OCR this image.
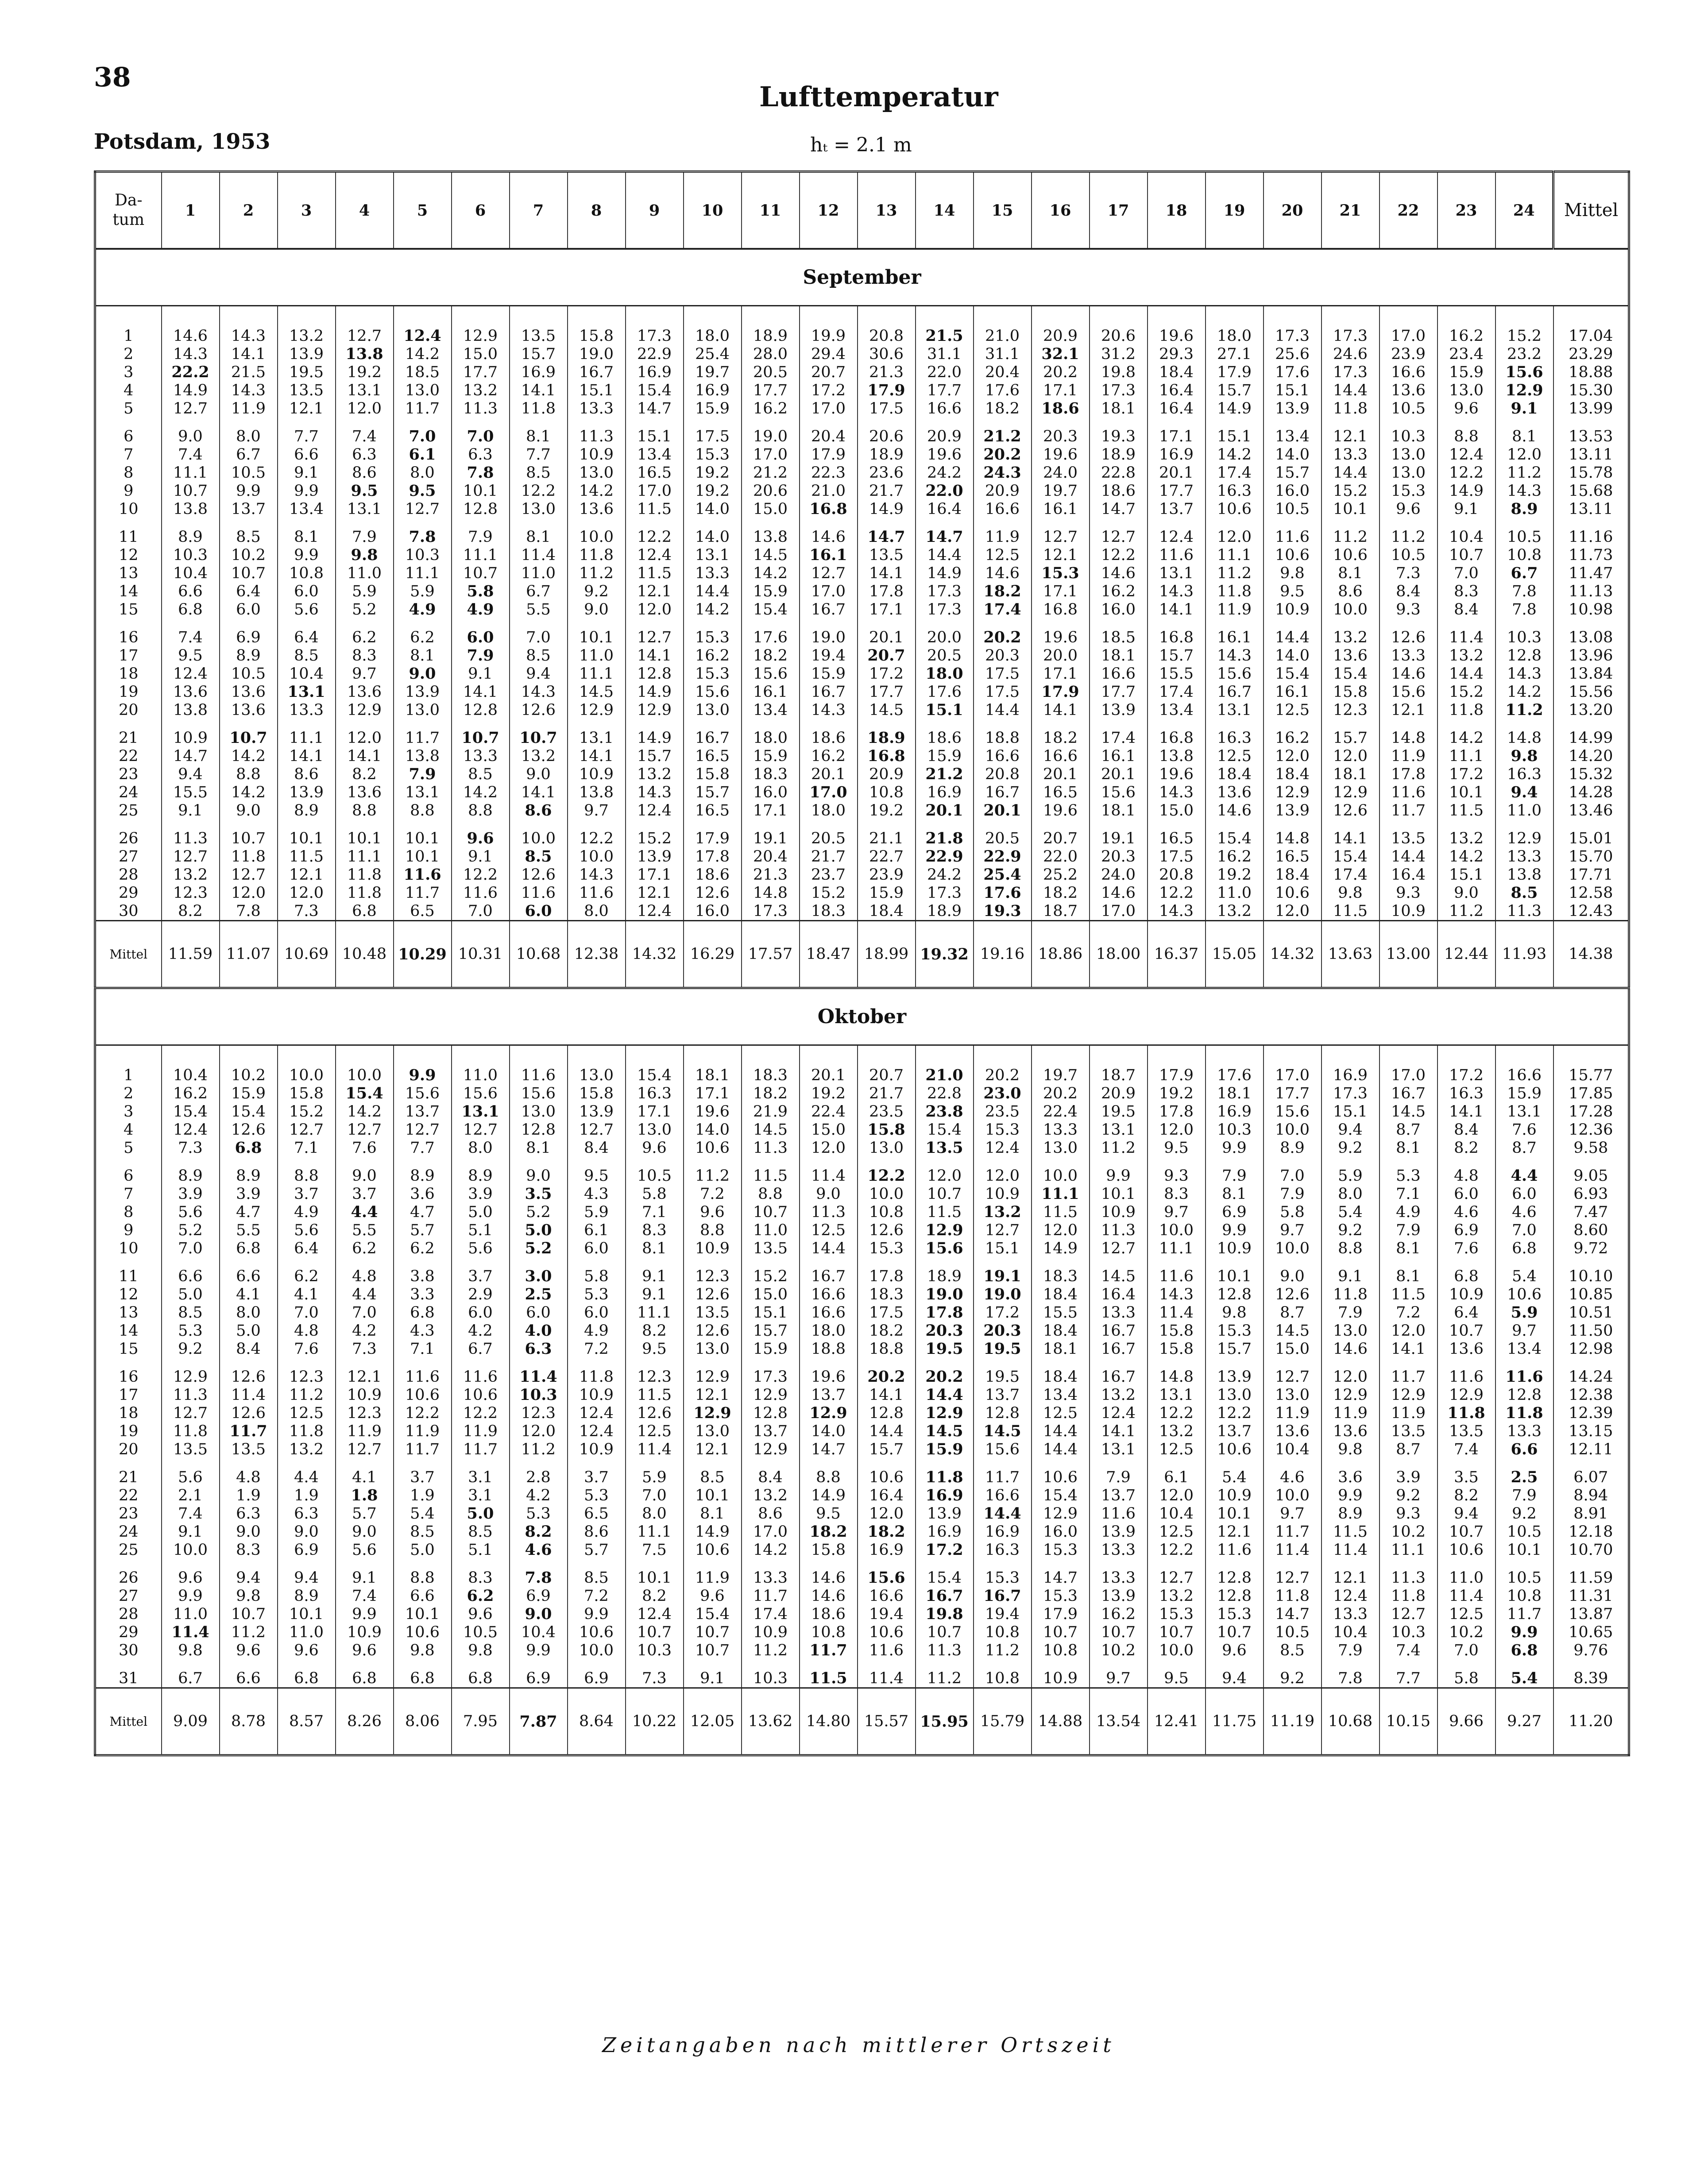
38
Lufttemperatur
Potsdam, 1953	hₜ = 2.1 m
Da-
tum	1	2	3	4	5	6	7	8	9	10	11	12	13	14	15	16	17	18	19	20	21	22	23	24	Mittel
September																									

1	14.6	14.3	13.2	12.7	12.4	12.9	13.5	15.8	17.3	18.0	18.9	19.9	20.8	21.5	21.0	20.9	20.6	19.6	18.0	17.3	17.3	17.0	16.2	15.2	17.04
2	14.3	14.1	13.9	13.8	14.2	15.0	15.7	19.0	22.9	25.4	28.0	29.4	30.6	31.1	31.1	32.1	31.2	29.3	27.1	25.6	24.6	23.9	23.4	23.2	23.29
3	22.2	21.5	19.5	19.2	18.5	17.7	16.9	16.7	16.9	19.7	20.5	20.7	21.3	22.0	20.4	20.2	19.8	18.4	17.9	17.6	17.3	16.6	15.9	15.6	18.88
4	14.9	14.3	13.5	13.1	13.0	13.2	14.1	15.1	15.4	16.9	17.7	17.2	17.9	17.7	17.6	17.1	17.3	16.4	15.7	15.1	14.4	13.6	13.0	12.9	15.30
5	12.7	11.9	12.1	12.0	11.7	11.3	11.8	13.3	14.7	15.9	16.2	17.0	17.5	16.6	18.2	18.6	18.1	16.4	14.9	13.9	11.8	10.5	9.6	9.1	13.99

6	9.0	8.0	7.7	7.4	7.0	7.0	8.1	11.3	15.1	17.5	19.0	20.4	20.6	20.9	21.2	20.3	19.3	17.1	15.1	13.4	12.1	10.3	8.8	8.1	13.53
7	7.4	6.7	6.6	6.3	6.1	6.3	7.7	10.9	13.4	15.3	17.0	17.9	18.9	19.6	20.2	19.6	18.9	16.9	14.2	14.0	13.3	13.0	12.4	12.0	13.11
8	11.1	10.5	9.1	8.6	8.0	7.8	8.5	13.0	16.5	19.2	21.2	22.3	23.6	24.2	24.3	24.0	22.8	20.1	17.4	15.7	14.4	13.0	12.2	11.2	15.78
9	10.7	9.9	9.9	9.5	9.5	10.1	12.2	14.2	17.0	19.2	20.6	21.0	21.7	22.0	20.9	19.7	18.6	17.7	16.3	16.0	15.2	15.3	14.9	14.3	15.68
10	13.8	13.7	13.4	13.1	12.7	12.8	13.0	13.6	11.5	14.0	15.0	16.8	14.9	16.4	16.6	16.1	14.7	13.7	10.6	10.5	10.1	9.6	9.1	8.9	13.11

11	8.9	8.5	8.1	7.9	7.8	7.9	8.1	10.0	12.2	14.0	13.8	14.6	14.7	14.7	11.9	12.7	12.7	12.4	12.0	11.6	11.2	11.2	10.4	10.5	11.16
12	10.3	10.2	9.9	9.8	10.3	11.1	11.4	11.8	12.4	13.1	14.5	16.1	13.5	14.4	12.5	12.1	12.2	11.6	11.1	10.6	10.6	10.5	10.7	10.8	11.73
13	10.4	10.7	10.8	11.0	11.1	10.7	11.0	11.2	11.5	13.3	14.2	12.7	14.1	14.9	14.6	15.3	14.6	13.1	11.2	9.8	8.1	7.3	7.0	6.7	11.47
14	6.6	6.4	6.0	5.9	5.9	5.8	6.7	9.2	12.1	14.4	15.9	17.0	17.8	17.3	18.2	17.1	16.2	14.3	11.8	9.5	8.6	8.4	8.3	7.8	11.13
15	6.8	6.0	5.6	5.2	4.9	4.9	5.5	9.0	12.0	14.2	15.4	16.7	17.1	17.3	17.4	16.8	16.0	14.1	11.9	10.9	10.0	9.3	8.4	7.8	10.98

16	7.4	6.9	6.4	6.2	6.2	6.0	7.0	10.1	12.7	15.3	17.6	19.0	20.1	20.0	20.2	19.6	18.5	16.8	16.1	14.4	13.2	12.6	11.4	10.3	13.08
17	9.5	8.9	8.5	8.3	8.1	7.9	8.5	11.0	14.1	16.2	18.2	19.4	20.7	20.5	20.3	20.0	18.1	15.7	14.3	14.0	13.6	13.3	13.2	12.8	13.96
18	12.4	10.5	10.4	9.7	9.0	9.1	9.4	11.1	12.8	15.3	15.6	15.9	17.2	18.0	17.5	17.1	16.6	15.5	15.6	15.4	15.4	14.6	14.4	14.3	13.84
19	13.6	13.6	13.1	13.6	13.9	14.1	14.3	14.5	14.9	15.6	16.1	16.7	17.7	17.6	17.5	17.9	17.7	17.4	16.7	16.1	15.8	15.6	15.2	14.2	15.56
20	13.8	13.6	13.3	12.9	13.0	12.8	12.6	12.9	12.9	13.0	13.4	14.3	14.5	15.1	14.4	14.1	13.9	13.4	13.1	12.5	12.3	12.1	11.8	11.2	13.20

21	10.9	10.7	11.1	12.0	11.7	10.7	10.7	13.1	14.9	16.7	18.0	18.6	18.9	18.6	18.8	18.2	17.4	16.8	16.3	16.2	15.7	14.8	14.2	14.8	14.99
22	14.7	14.2	14.1	14.1	13.8	13.3	13.2	14.1	15.7	16.5	15.9	16.2	16.8	15.9	16.6	16.6	16.1	13.8	12.5	12.0	12.0	11.9	11.1	9.8	14.20
23	9.4	8.8	8.6	8.2	7.9	8.5	9.0	10.9	13.2	15.8	18.3	20.1	20.9	21.2	20.8	20.1	20.1	19.6	18.4	18.4	18.1	17.8	17.2	16.3	15.32
24	15.5	14.2	13.9	13.6	13.1	14.2	14.1	13.8	14.3	15.7	16.0	17.0	10.8	16.9	16.7	16.5	15.6	14.3	13.6	12.9	12.9	11.6	10.1	9.4	14.28
25	9.1	9.0	8.9	8.8	8.8	8.8	8.6	9.7	12.4	16.5	17.1	18.0	19.2	20.1	20.1	19.6	18.1	15.0	14.6	13.9	12.6	11.7	11.5	11.0	13.46

26	11.3	10.7	10.1	10.1	10.1	9.6	10.0	12.2	15.2	17.9	19.1	20.5	21.1	21.8	20.5	20.7	19.1	16.5	15.4	14.8	14.1	13.5	13.2	12.9	15.01
27	12.7	11.8	11.5	11.1	10.1	9.1	8.5	10.0	13.9	17.8	20.4	21.7	22.7	22.9	22.9	22.0	20.3	17.5	16.2	16.5	15.4	14.4	14.2	13.3	15.70
28	13.2	12.7	12.1	11.8	11.6	12.2	12.6	14.3	17.1	18.6	21.3	23.7	23.9	24.2	25.4	25.2	24.0	20.8	19.2	18.4	17.4	16.4	15.1	13.8	17.71
29	12.3	12.0	12.0	11.8	11.7	11.6	11.6	11.6	12.1	12.6	14.8	15.2	15.9	17.3	17.6	18.2	14.6	12.2	11.0	10.6	9.8	9.3	9.0	8.5	12.58
30	8.2	7.8	7.3	6.8	6.5	7.0	6.0	8.0	12.4	16.0	17.3	18.3	18.4	18.9	19.3	18.7	17.0	14.3	13.2	12.0	11.5	10.9	11.2	11.3	12.43
Mittel	11.59	11.07	10.69	10.48	10.29	10.31	10.68	12.38	14.32	16.29	17.57	18.47	18.99	19.32	19.16	18.86	18.00	16.37	15.05	14.32	13.63	13.00	12.44	11.93	14.38
Oktober																									

1	10.4	10.2	10.0	10.0	9.9	11.0	11.6	13.0	15.4	18.1	18.3	20.1	20.7	21.0	20.2	19.7	18.7	17.9	17.6	17.0	16.9	17.0	17.2	16.6	15.77
2	16.2	15.9	15.8	15.4	15.6	15.6	15.6	15.8	16.3	17.1	18.2	19.2	21.7	22.8	23.0	20.2	20.9	19.2	18.1	17.7	17.3	16.7	16.3	15.9	17.85
3	15.4	15.4	15.2	14.2	13.7	13.1	13.0	13.9	17.1	19.6	21.9	22.4	23.5	23.8	23.5	22.4	19.5	17.8	16.9	15.6	15.1	14.5	14.1	13.1	17.28
4	12.4	12.6	12.7	12.7	12.7	12.7	12.8	12.7	13.0	14.0	14.5	15.0	15.8	15.4	15.3	13.3	13.1	12.0	10.3	10.0	9.4	8.7	8.4	7.6	12.36
5	7.3	6.8	7.1	7.6	7.7	8.0	8.1	8.4	9.6	10.6	11.3	12.0	13.0	13.5	12.4	13.0	11.2	9.5	9.9	8.9	9.2	8.1	8.2	8.7	9.58

6	8.9	8.9	8.8	9.0	8.9	8.9	9.0	9.5	10.5	11.2	11.5	11.4	12.2	12.0	12.0	10.0	9.9	9.3	7.9	7.0	5.9	5.3	4.8	4.4	9.05
7	3.9	3.9	3.7	3.7	3.6	3.9	3.5	4.3	5.8	7.2	8.8	9.0	10.0	10.7	10.9	11.1	10.1	8.3	8.1	7.9	8.0	7.1	6.0	6.0	6.93
8	5.6	4.7	4.9	4.4	4.7	5.0	5.2	5.9	7.1	9.6	10.7	11.3	10.8	11.5	13.2	11.5	10.9	9.7	6.9	5.8	5.4	4.9	4.6	4.6	7.47
9	5.2	5.5	5.6	5.5	5.7	5.1	5.0	6.1	8.3	8.8	11.0	12.5	12.6	12.9	12.7	12.0	11.3	10.0	9.9	9.7	9.2	7.9	6.9	7.0	8.60
10	7.0	6.8	6.4	6.2	6.2	5.6	5.2	6.0	8.1	10.9	13.5	14.4	15.3	15.6	15.1	14.9	12.7	11.1	10.9	10.0	8.8	8.1	7.6	6.8	9.72

11	6.6	6.6	6.2	4.8	3.8	3.7	3.0	5.8	9.1	12.3	15.2	16.7	17.8	18.9	19.1	18.3	14.5	11.6	10.1	9.0	9.1	8.1	6.8	5.4	10.10
12	5.0	4.1	4.1	4.4	3.3	2.9	2.5	5.3	9.1	12.6	15.0	16.6	18.3	19.0	19.0	18.4	16.4	14.3	12.8	12.6	11.8	11.5	10.9	10.6	10.85
13	8.5	8.0	7.0	7.0	6.8	6.0	6.0	6.0	11.1	13.5	15.1	16.6	17.5	17.8	17.2	15.5	13.3	11.4	9.8	8.7	7.9	7.2	6.4	5.9	10.51
14	5.3	5.0	4.8	4.2	4.3	4.2	4.0	4.9	8.2	12.6	15.7	18.0	18.2	20.3	20.3	18.4	16.7	15.8	15.3	14.5	13.0	12.0	10.7	9.7	11.50
15	9.2	8.4	7.6	7.3	7.1	6.7	6.3	7.2	9.5	13.0	15.9	18.8	18.8	19.5	19.5	18.1	16.7	15.8	15.7	15.0	14.6	14.1	13.6	13.4	12.98

16	12.9	12.6	12.3	12.1	11.6	11.6	11.4	11.8	12.3	12.9	17.3	19.6	20.2	20.2	19.5	18.4	16.7	14.8	13.9	12.7	12.0	11.7	11.6	11.6	14.24
17	11.3	11.4	11.2	10.9	10.6	10.6	10.3	10.9	11.5	12.1	12.9	13.7	14.1	14.4	13.7	13.4	13.2	13.1	13.0	13.0	12.9	12.9	12.9	12.8	12.38
18	12.7	12.6	12.5	12.3	12.2	12.2	12.3	12.4	12.6	12.9	12.8	12.9	12.8	12.9	12.8	12.5	12.4	12.2	12.2	11.9	11.9	11.9	11.8	11.8	12.39
19	11.8	11.7	11.8	11.9	11.9	11.9	12.0	12.4	12.5	13.0	13.7	14.0	14.4	14.5	14.5	14.4	14.1	13.2	13.7	13.6	13.6	13.5	13.5	13.3	13.15
20	13.5	13.5	13.2	12.7	11.7	11.7	11.2	10.9	11.4	12.1	12.9	14.7	15.7	15.9	15.6	14.4	13.1	12.5	10.6	10.4	9.8	8.7	7.4	6.6	12.11

21	5.6	4.8	4.4	4.1	3.7	3.1	2.8	3.7	5.9	8.5	8.4	8.8	10.6	11.8	11.7	10.6	7.9	6.1	5.4	4.6	3.6	3.9	3.5	2.5	6.07
22	2.1	1.9	1.9	1.8	1.9	3.1	4.2	5.3	7.0	10.1	13.2	14.9	16.4	16.9	16.6	15.4	13.7	12.0	10.9	10.0	9.9	9.2	8.2	7.9	8.94
23	7.4	6.3	6.3	5.7	5.4	5.0	5.3	6.5	8.0	8.1	8.6	9.5	12.0	13.9	14.4	12.9	11.6	10.4	10.1	9.7	8.9	9.3	9.4	9.2	8.91
24	9.1	9.0	9.0	9.0	8.5	8.5	8.2	8.6	11.1	14.9	17.0	18.2	18.2	16.9	16.9	16.0	13.9	12.5	12.1	11.7	11.5	10.2	10.7	10.5	12.18
25	10.0	8.3	6.9	5.6	5.0	5.1	4.6	5.7	7.5	10.6	14.2	15.8	16.9	17.2	16.3	15.3	13.3	12.2	11.6	11.4	11.4	11.1	10.6	10.1	10.70

26	9.6	9.4	9.4	9.1	8.8	8.3	7.8	8.5	10.1	11.9	13.3	14.6	15.6	15.4	15.3	14.7	13.3	12.7	12.8	12.7	12.1	11.3	11.0	10.5	11.59
27	9.9	9.8	8.9	7.4	6.6	6.2	6.9	7.2	8.2	9.6	11.7	14.6	16.6	16.7	16.7	15.3	13.9	13.2	12.8	11.8	12.4	11.8	11.4	10.8	11.31
28	11.0	10.7	10.1	9.9	10.1	9.6	9.0	9.9	12.4	15.4	17.4	18.6	19.4	19.8	19.4	17.9	16.2	15.3	15.3	14.7	13.3	12.7	12.5	11.7	13.87
29	11.4	11.2	11.0	10.9	10.6	10.5	10.4	10.6	10.7	10.7	10.9	10.8	10.6	10.7	10.8	10.7	10.7	10.7	10.7	10.5	10.4	10.3	10.2	9.9	10.65
30	9.8	9.6	9.6	9.6	9.8	9.8	9.9	10.0	10.3	10.7	11.2	11.7	11.6	11.3	11.2	10.8	10.2	10.0	9.6	8.5	7.9	7.4	7.0	6.8	9.76

31	6.7	6.6	6.8	6.8	6.8	6.8	6.9	6.9	7.3	9.1	10.3	11.5	11.4	11.2	10.8	10.9	9.7	9.5	9.4	9.2	7.8	7.7	5.8	5.4	8.39
Mittel	9.09	8.78	8.57	8.26	8.06	7.95	7.87	8.64	10.22	12.05	13.62	14.80	15.57	15.95	15.79	14.88	13.54	12.41	11.75	11.19	10.68	10.15	9.66	9.27	11.20
Zeitangaben nach mittlerer Ortszeit
